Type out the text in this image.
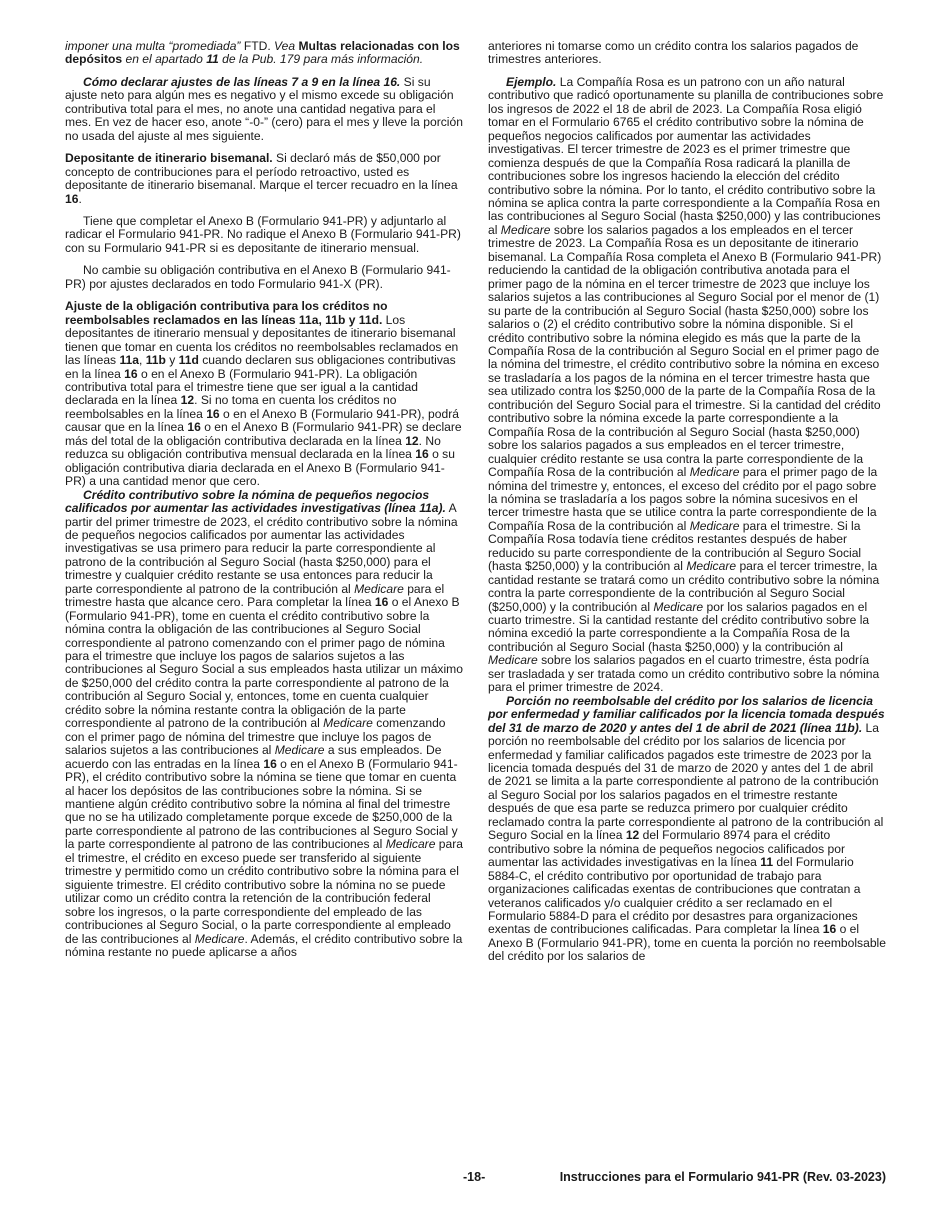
imponer una multa “promediada” FTD. Vea Multas relacionadas con los depósitos en el apartado 11 de la Pub. 179 para más información.

Cómo declarar ajustes de las líneas 7 a 9 en la línea 16. Si su ajuste neto para algún mes es negativo y el mismo excede su obligación contributiva total para el mes, no anote una cantidad negativa para el mes. En vez de hacer eso, anote “-0-” (cero) para el mes y lleve la porción no usada del ajuste al mes siguiente.

Depositante de itinerario bisemanal. Si declaró más de $50,000 por concepto de contribuciones para el período retroactivo, usted es depositante de itinerario bisemanal. Marque el tercer recuadro en la línea 16.

Tiene que completar el Anexo B (Formulario 941-PR) y adjuntarlo al radicar el Formulario 941-PR. No radique el Anexo B (Formulario 941-PR) con su Formulario 941-PR si es depositante de itinerario mensual.

No cambie su obligación contributiva en el Anexo B (Formulario 941-PR) por ajustes declarados en todo Formulario 941-X (PR).

Ajuste de la obligación contributiva para los créditos no reembolsables reclamados en las líneas 11a, 11b y 11d. Los depositantes de itinerario mensual y depositantes de itinerario bisemanal tienen que tomar en cuenta los créditos no reembolsables reclamados en las líneas 11a, 11b y 11d cuando declaren sus obligaciones contributivas en la línea 16 o en el Anexo B (Formulario 941-PR). La obligación contributiva total para el trimestre tiene que ser igual a la cantidad declarada en la línea 12. Si no toma en cuenta los créditos no reembolsables en la línea 16 o en el Anexo B (Formulario 941-PR), podrá causar que en la línea 16 o en el Anexo B (Formulario 941-PR) se declare más del total de la obligación contributiva declarada en la línea 12. No reduzca su obligación contributiva mensual declarada en la línea 16 o su obligación contributiva diaria declarada en el Anexo B (Formulario 941-PR) a una cantidad menor que cero.

Crédito contributivo sobre la nómina de pequeños negocios calificados por aumentar las actividades investigativas (línea 11a). A partir del primer trimestre de 2023, el crédito contributivo sobre la nómina de pequeños negocios calificados por aumentar las actividades investigativas se usa primero para reducir la parte correspondiente al patrono de la contribución al Seguro Social (hasta $250,000) para el trimestre y cualquier crédito restante se usa entonces para reducir la parte correspondiente al patrono de la contribución al Medicare para el trimestre hasta que alcance cero. Para completar la línea 16 o el Anexo B (Formulario 941-PR), tome en cuenta el crédito contributivo sobre la nómina contra la obligación de las contribuciones al Seguro Social correspondiente al patrono comenzando con el primer pago de nómina para el trimestre que incluye los pagos de salarios sujetos a las contribuciones al Seguro Social a sus empleados hasta utilizar un máximo de $250,000 del crédito contra la parte correspondiente al patrono de la contribución al Seguro Social y, entonces, tome en cuenta cualquier crédito sobre la nómina restante contra la obligación de la parte correspondiente al patrono de la contribución al Medicare comenzando con el primer pago de nómina del trimestre que incluye los pagos de salarios sujetos a las contribuciones al Medicare a sus empleados. De acuerdo con las entradas en la línea 16 o en el Anexo B (Formulario 941-PR), el crédito contributivo sobre la nómina se tiene que tomar en cuenta al hacer los depósitos de las contribuciones sobre la nómina. Si se mantiene algún crédito contributivo sobre la nómina al final del trimestre que no se ha utilizado completamente porque excede de $250,000 de la parte correspondiente al patrono de las contribuciones al Seguro Social y la parte correspondiente al patrono de las contribuciones al Medicare para el trimestre, el crédito en exceso puede ser transferido al siguiente trimestre y permitido como un crédito contributivo sobre la nómina para el siguiente trimestre. El crédito contributivo sobre la nómina no se puede utilizar como un crédito contra la retención de la contribución federal sobre los ingresos, o la parte correspondiente del empleado de las contribuciones al Seguro Social, o la parte correspondiente al empleado de las contribuciones al Medicare. Además, el crédito contributivo sobre la nómina restante no puede aplicarse a años

anteriores ni tomarse como un crédito contra los salarios pagados de trimestres anteriores.

Ejemplo. La Compañía Rosa es un patrono con un año natural contributivo que radicó oportunamente su planilla de contribuciones sobre los ingresos de 2022 el 18 de abril de 2023. La Compañía Rosa eligió tomar en el Formulario 6765 el crédito contributivo sobre la nómina de pequeños negocios calificados por aumentar las actividades investigativas. El tercer trimestre de 2023 es el primer trimestre que comienza después de que la Compañía Rosa radicará la planilla de contribuciones sobre los ingresos haciendo la elección del crédito contributivo sobre la nómina. Por lo tanto, el crédito contributivo sobre la nómina se aplica contra la parte correspondiente a la Compañía Rosa en las contribuciones al Seguro Social (hasta $250,000) y las contribuciones al Medicare sobre los salarios pagados a los empleados en el tercer trimestre de 2023. La Compañía Rosa es un depositante de itinerario bisemanal. La Compañía Rosa completa el Anexo B (Formulario 941-PR) reduciendo la cantidad de la obligación contributiva anotada para el primer pago de la nómina en el tercer trimestre de 2023 que incluye los salarios sujetos a las contribuciones al Seguro Social por el menor de (1) su parte de la contribución al Seguro Social (hasta $250,000) sobre los salarios o (2) el crédito contributivo sobre la nómina disponible. Si el crédito contributivo sobre la nómina elegido es más que la parte de la Compañía Rosa de la contribución al Seguro Social en el primer pago de la nómina del trimestre, el crédito contributivo sobre la nómina en exceso se trasladaría a los pagos de la nómina en el tercer trimestre hasta que sea utilizado contra los $250,000 de la parte de la Compañía Rosa de la contribución del Seguro Social para el trimestre. Si la cantidad del crédito contributivo sobre la nómina excede la parte correspondiente a la Compañía Rosa de la contribución al Seguro Social (hasta $250,000) sobre los salarios pagados a sus empleados en el tercer trimestre, cualquier crédito restante se usa contra la parte correspondiente de la Compañía Rosa de la contribución al Medicare para el primer pago de la nómina del trimestre y, entonces, el exceso del crédito por el pago sobre la nómina se trasladaría a los pagos sobre la nómina sucesivos en el tercer trimestre hasta que se utilice contra la parte correspondiente de la Compañía Rosa de la contribución al Medicare para el trimestre. Si la Compañía Rosa todavía tiene créditos restantes después de haber reducido su parte correspondiente de la contribución al Seguro Social (hasta $250,000) y la contribución al Medicare para el tercer trimestre, la cantidad restante se tratará como un crédito contributivo sobre la nómina contra la parte correspondiente de la contribución al Seguro Social ($250,000) y la contribución al Medicare por los salarios pagados en el cuarto trimestre. Si la cantidad restante del crédito contributivo sobre la nómina excedió la parte correspondiente a la Compañía Rosa de la contribución al Seguro Social (hasta $250,000) y la contribución al Medicare sobre los salarios pagados en el cuarto trimestre, ésta podría ser trasladada y ser tratada como un crédito contributivo sobre la nómina para el primer trimestre de 2024.

Porción no reembolsable del crédito por los salarios de licencia por enfermedad y familiar calificados por la licencia tomada después del 31 de marzo de 2020 y antes del 1 de abril de 2021 (línea 11b). La porción no reembolsable del crédito por los salarios de licencia por enfermedad y familiar calificados pagados este trimestre de 2023 por la licencia tomada después del 31 de marzo de 2020 y antes del 1 de abril de 2021 se limita a la parte correspondiente al patrono de la contribución al Seguro Social por los salarios pagados en el trimestre restante después de que esa parte se reduzca primero por cualquier crédito reclamado contra la parte correspondiente al patrono de la contribución al Seguro Social en la línea 12 del Formulario 8974 para el crédito contributivo sobre la nómina de pequeños negocios calificados por aumentar las actividades investigativas en la línea 11 del Formulario 5884-C, el crédito contributivo por oportunidad de trabajo para organizaciones calificadas exentas de contribuciones que contratan a veteranos calificados y/o cualquier crédito a ser reclamado en el Formulario 5884-D para el crédito por desastres para organizaciones exentas de contribuciones calificadas. Para completar la línea 16 o el Anexo B (Formulario 941-PR), tome en cuenta la porción no reembolsable del crédito por los salarios de

-18-	Instrucciones para el Formulario 941-PR (Rev. 03-2023)
